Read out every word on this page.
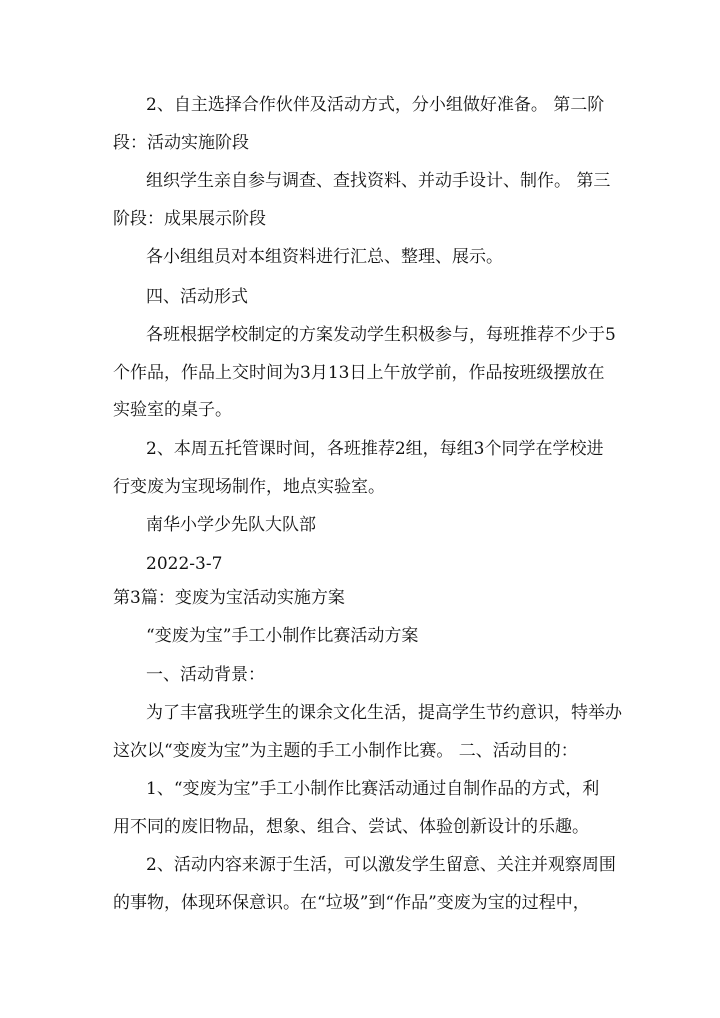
2、自主选择合作伙伴及活动方式，分小组做好准备。 第二阶
段：活动实施阶段
组织学生亲自参与调查、查找资料、并动手设计、制作。 第三
阶段：成果展示阶段
各小组组员对本组资料进行汇总、整理、展示。
四、活动形式
各班根据学校制定的方案发动学生积极参与，每班推荐不少于5
个作品，作品上交时间为3月13日上午放学前，作品按班级摆放在
实验室的桌子。
2、本周五托管课时间，各班推荐2组，每组3个同学在学校进
行变废为宝现场制作，地点实验室。
南华小学少先队大队部
2022-3-7
第3篇：变废为宝活动实施方案
“变废为宝”手工小制作比赛活动方案
一、活动背景：
为了丰富我班学生的课余文化生活，提高学生节约意识，特举办
这次以“变废为宝”为主题的手工小制作比赛。 二、活动目的：
1、“变废为宝”手工小制作比赛活动通过自制作品的方式，利
用不同的废旧物品，想象、组合、尝试、体验创新设计的乐趣。
2、活动内容来源于生活，可以激发学生留意、关注并观察周围
的事物，体现环保意识。在“垃圾”到“作品”变废为宝的过程中，
